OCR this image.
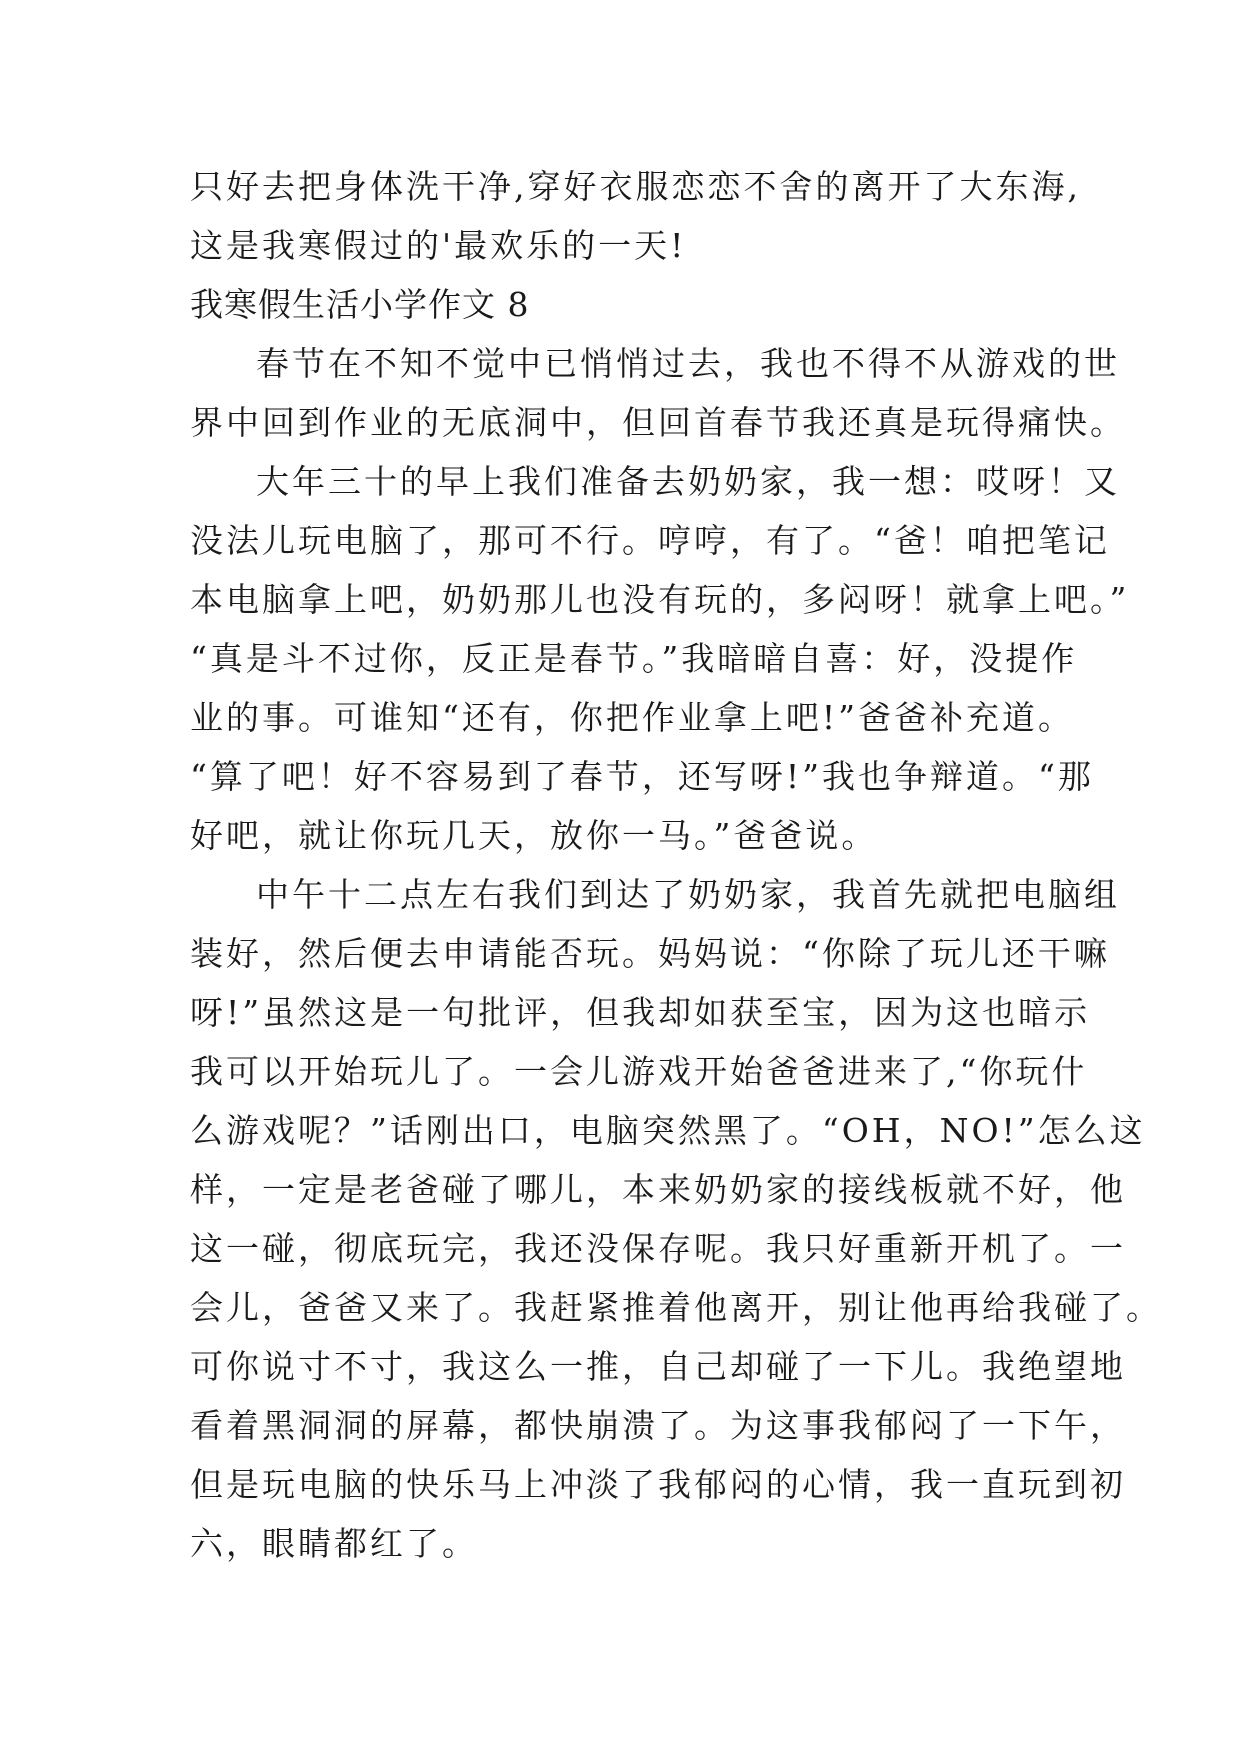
只好去把身体洗干净,穿好衣服恋恋不舍的离开了大东海,
这是我寒假过的'最欢乐的一天!
我寒假生活小学作文 8
春节在不知不觉中已悄悄过去，我也不得不从游戏的世
界中回到作业的无底洞中，但回首春节我还真是玩得痛快。
大年三十的早上我们准备去奶奶家，我一想：哎呀！又
没法儿玩电脑了，那可不行。哼哼，有了。“爸！咱把笔记
本电脑拿上吧，奶奶那儿也没有玩的，多闷呀！就拿上吧。”
“真是斗不过你，反正是春节。”我暗暗自喜：好，没提作
业的事。可谁知“还有，你把作业拿上吧!”爸爸补充道。
“算了吧！好不容易到了春节，还写呀!”我也争辩道。“那
好吧，就让你玩几天，放你一马。”爸爸说。
中午十二点左右我们到达了奶奶家，我首先就把电脑组
装好，然后便去申请能否玩。妈妈说：“你除了玩儿还干嘛
呀!”虽然这是一句批评，但我却如获至宝，因为这也暗示
我可以开始玩儿了。一会儿游戏开始爸爸进来了,“你玩什
么游戏呢？”话刚出口，电脑突然黑了。“OH，NO!”怎么这
样，一定是老爸碰了哪儿，本来奶奶家的接线板就不好，他
这一碰，彻底玩完，我还没保存呢。我只好重新开机了。一
会儿，爸爸又来了。我赶紧推着他离开，别让他再给我碰了。
可你说寸不寸，我这么一推，自己却碰了一下儿。我绝望地
看着黑洞洞的屏幕，都快崩溃了。为这事我郁闷了一下午，
但是玩电脑的快乐马上冲淡了我郁闷的心情，我一直玩到初
六，眼睛都红了。
